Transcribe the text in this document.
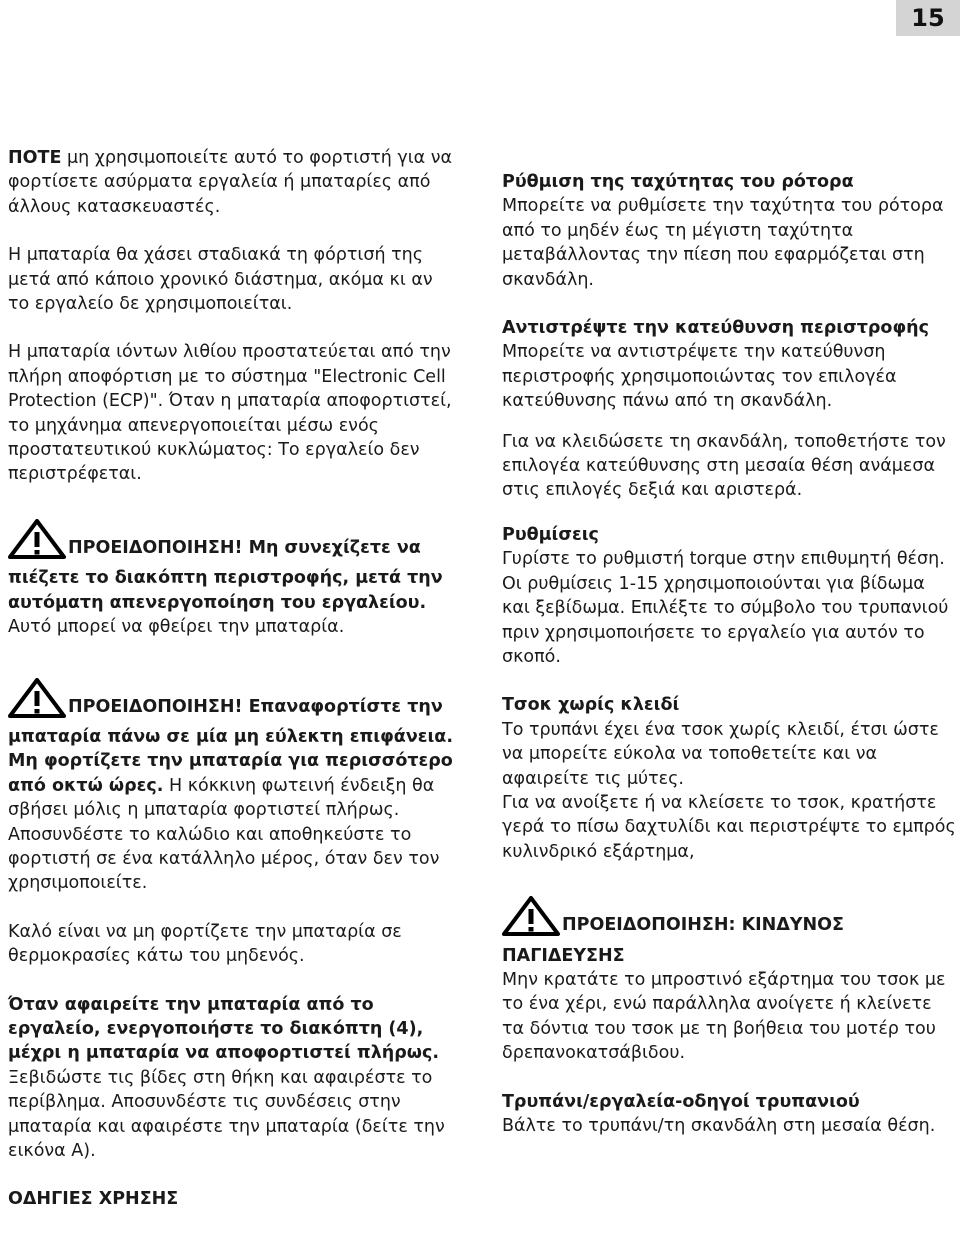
15

ΠΟΤΕ μη χρησιμοποιείτε αυτό το φορτιστή για να φορτίσετε ασύρματα εργαλεία ή μπαταρίες από άλλους κατασκευαστές.

Η μπαταρία θα χάσει σταδιακά τη φόρτισή της μετά από κάποιο χρονικό διάστημα, ακόμα κι αν το εργαλείο δε χρησιμοποιείται.

Η μπαταρία ιόντων λιθίου προστατεύεται από την πλήρη αποφόρτιση με το σύστημα "Electronic Cell Protection (ECP)". Όταν η μπαταρία αποφορτιστεί, το μηχάνημα απενεργοποιείται μέσω ενός προστατευτικού κυκλώματος: Το εργαλείο δεν περιστρέφεται.

ΠΡΟΕΙΔΟΠΟΙΗΣΗ! Μη συνεχίζετε να πιέζετε το διακόπτη περιστροφής, μετά την αυτόματη απενεργοποίηση του εργαλείου. Αυτό μπορεί να φθείρει την μπαταρία.
ΠΡΟΕΙΔΟΠΟΙΗΣΗ! Επαναφορτίστε την μπαταρία πάνω σε μία μη εύλεκτη επιφάνεια. Μη φορτίζετε την μπαταρία για περισσότερο από οκτώ ώρες. Η κόκκινη φωτεινή ένδειξη θα σβήσει μόλις η μπαταρία φορτιστεί πλήρως.

Αποσυνδέστε το καλώδιο και αποθηκεύστε το φορτιστή σε ένα κατάλληλο μέρος, όταν δεν τον χρησιμοποιείτε.

Καλό είναι να μη φορτίζετε την μπαταρία σε θερμοκρασίες κάτω του μηδενός.

Όταν αφαιρείτε την μπαταρία από το εργαλείο, ενεργοποιήστε το διακόπτη (4), μέχρι η μπαταρία να αποφορτιστεί πλήρως. Ξεβιδώστε τις βίδες στη θήκη και αφαιρέστε το περίβλημα. Αποσυνδέστε τις συνδέσεις στην μπαταρία και αφαιρέστε την μπαταρία (δείτε την εικόνα A).

ΟΔΗΓΙΕΣ ΧΡΗΣΗΣ

Ρύθμιση της ταχύτητας του ρότορα
Μπορείτε να ρυθμίσετε την ταχύτητα του ρότορα από το μηδέν έως τη μέγιστη ταχύτητα μεταβάλλοντας την πίεση που εφαρμόζεται στη σκανδάλη.

Αντιστρέψτε την κατεύθυνση περιστροφής
Μπορείτε να αντιστρέψετε την κατεύθυνση περιστροφής χρησιμοποιώντας τον επιλογέα κατεύθυνσης πάνω από τη σκανδάλη.

Για να κλειδώσετε τη σκανδάλη, τοποθετήστε τον επιλογέα κατεύθυνσης στη μεσαία θέση ανάμεσα στις επιλογές δεξιά και αριστερά.

Ρυθμίσεις
Γυρίστε το ρυθμιστή torque στην επιθυμητή θέση. Οι ρυθμίσεις 1-15 χρησιμοποιούνται για βίδωμα και ξεβίδωμα. Επιλέξτε το σύμβολο του τρυπανιού πριν χρησιμοποιήσετε το εργαλείο για αυτόν το σκοπό.

Τσοκ χωρίς κλειδί
Το τρυπάνι έχει ένα τσοκ χωρίς κλειδί, έτσι ώστε να μπορείτε εύκολα να τοποθετείτε και να αφαιρείτε τις μύτες.

Για να ανοίξετε ή να κλείσετε το τσοκ, κρατήστε γερά το πίσω δαχτυλίδι και περιστρέψτε το εμπρός κυλινδρικό εξάρτημα,

ΠΡΟΕΙΔΟΠΟΙΗΣΗ: ΚΙΝΔΥΝΟΣ ΠΑΓΙΔΕΥΣΗΣ
Μην κρατάτε το μπροστινό εξάρτημα του τσοκ με το ένα χέρι, ενώ παράλληλα ανοίγετε ή κλείνετε τα δόντια του τσοκ με τη βοήθεια του μοτέρ του δρεπανοκατσάβιδου.

Τρυπάνι/εργαλεία-οδηγοί τρυπανιού
Βάλτε το τρυπάνι/τη σκανδάλη στη μεσαία θέση.
